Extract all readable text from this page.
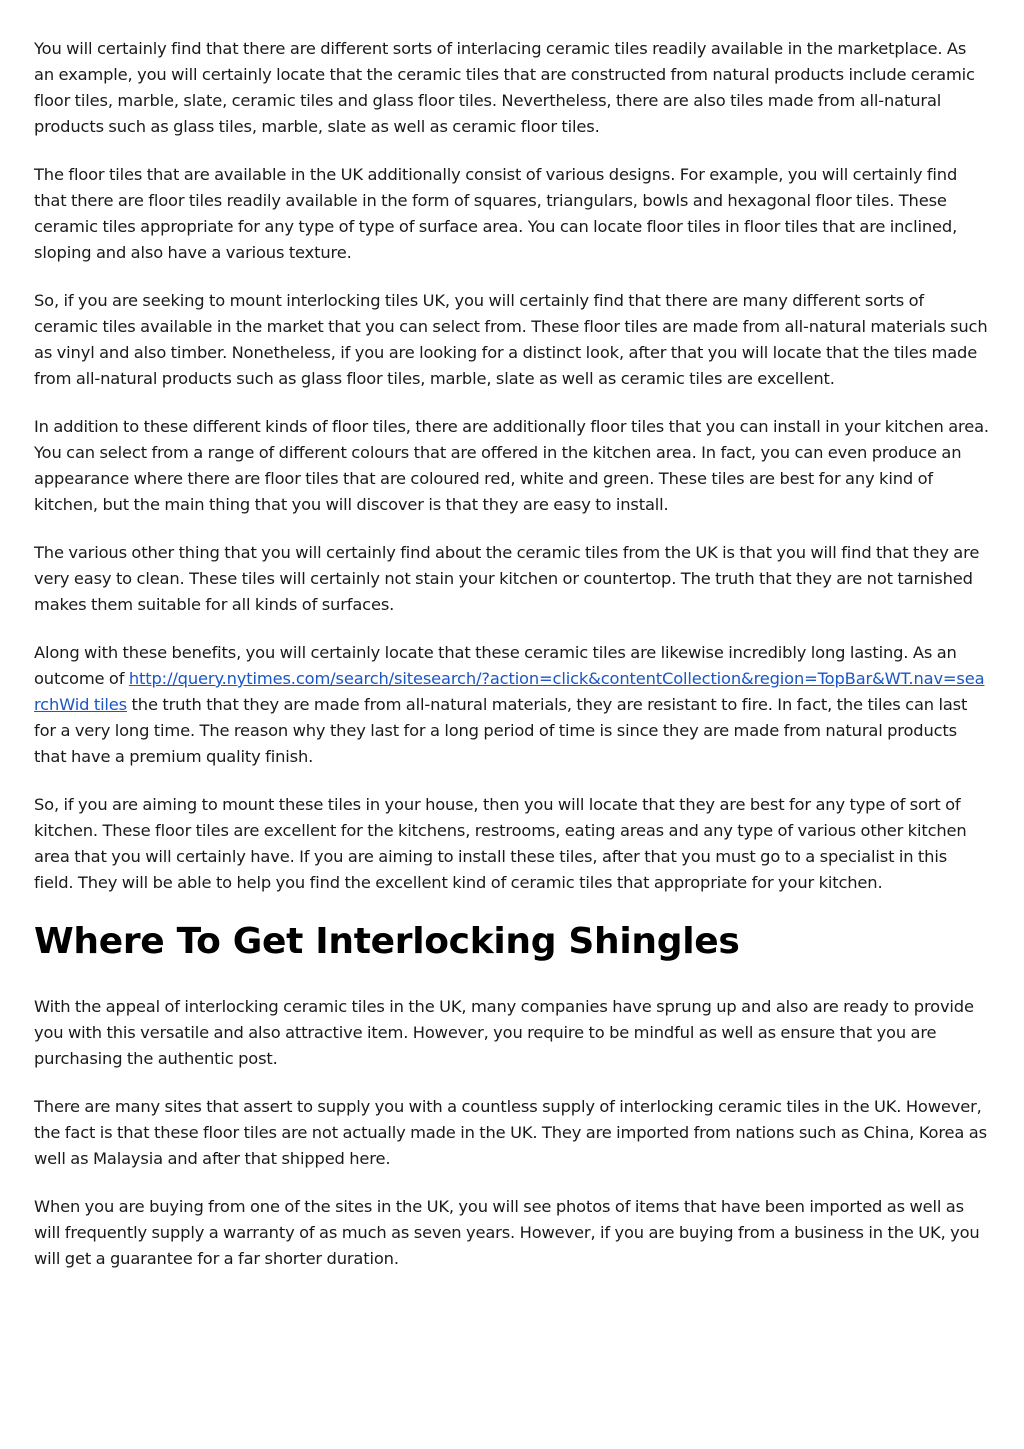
You will certainly find that there are different sorts of interlacing ceramic tiles readily available in the marketplace. As an example, you will certainly locate that the ceramic tiles that are constructed from natural products include ceramic floor tiles, marble, slate, ceramic tiles and glass floor tiles. Nevertheless, there are also tiles made from all-natural products such as glass tiles, marble, slate as well as ceramic floor tiles.

The floor tiles that are available in the UK additionally consist of various designs. For example, you will certainly find that there are floor tiles readily available in the form of squares, triangulars, bowls and hexagonal floor tiles. These ceramic tiles appropriate for any type of type of surface area. You can locate floor tiles in floor tiles that are inclined, sloping and also have a various texture.

So, if you are seeking to mount interlocking tiles UK, you will certainly find that there are many different sorts of ceramic tiles available in the market that you can select from. These floor tiles are made from all-natural materials such as vinyl and also timber. Nonetheless, if you are looking for a distinct look, after that you will locate that the tiles made from all-natural products such as glass floor tiles, marble, slate as well as ceramic tiles are excellent.

In addition to these different kinds of floor tiles, there are additionally floor tiles that you can install in your kitchen area. You can select from a range of different colours that are offered in the kitchen area. In fact, you can even produce an appearance where there are floor tiles that are coloured red, white and green. These tiles are best for any kind of kitchen, but the main thing that you will discover is that they are easy to install.

The various other thing that you will certainly find about the ceramic tiles from the UK is that you will find that they are very easy to clean. These tiles will certainly not stain your kitchen or countertop. The truth that they are not tarnished makes them suitable for all kinds of surfaces.

Along with these benefits, you will certainly locate that these ceramic tiles are likewise incredibly long lasting. As an outcome of http://query.nytimes.com/search/sitesearch/?action=click&contentCollection&region=TopBar&WT.nav=searchWid tiles the truth that they are made from all-natural materials, they are resistant to fire. In fact, the tiles can last for a very long time. The reason why they last for a long period of time is since they are made from natural products that have a premium quality finish.

So, if you are aiming to mount these tiles in your house, then you will locate that they are best for any type of sort of kitchen. These floor tiles are excellent for the kitchens, restrooms, eating areas and any type of various other kitchen area that you will certainly have. If you are aiming to install these tiles, after that you must go to a specialist in this field. They will be able to help you find the excellent kind of ceramic tiles that appropriate for your kitchen.

Where To Get Interlocking Shingles

With the appeal of interlocking ceramic tiles in the UK, many companies have sprung up and also are ready to provide you with this versatile and also attractive item. However, you require to be mindful as well as ensure that you are purchasing the authentic post.

There are many sites that assert to supply you with a countless supply of interlocking ceramic tiles in the UK. However, the fact is that these floor tiles are not actually made in the UK. They are imported from nations such as China, Korea as well as Malaysia and after that shipped here.

When you are buying from one of the sites in the UK, you will see photos of items that have been imported as well as will frequently supply a warranty of as much as seven years. However, if you are buying from a business in the UK, you will get a guarantee for a far shorter duration.
